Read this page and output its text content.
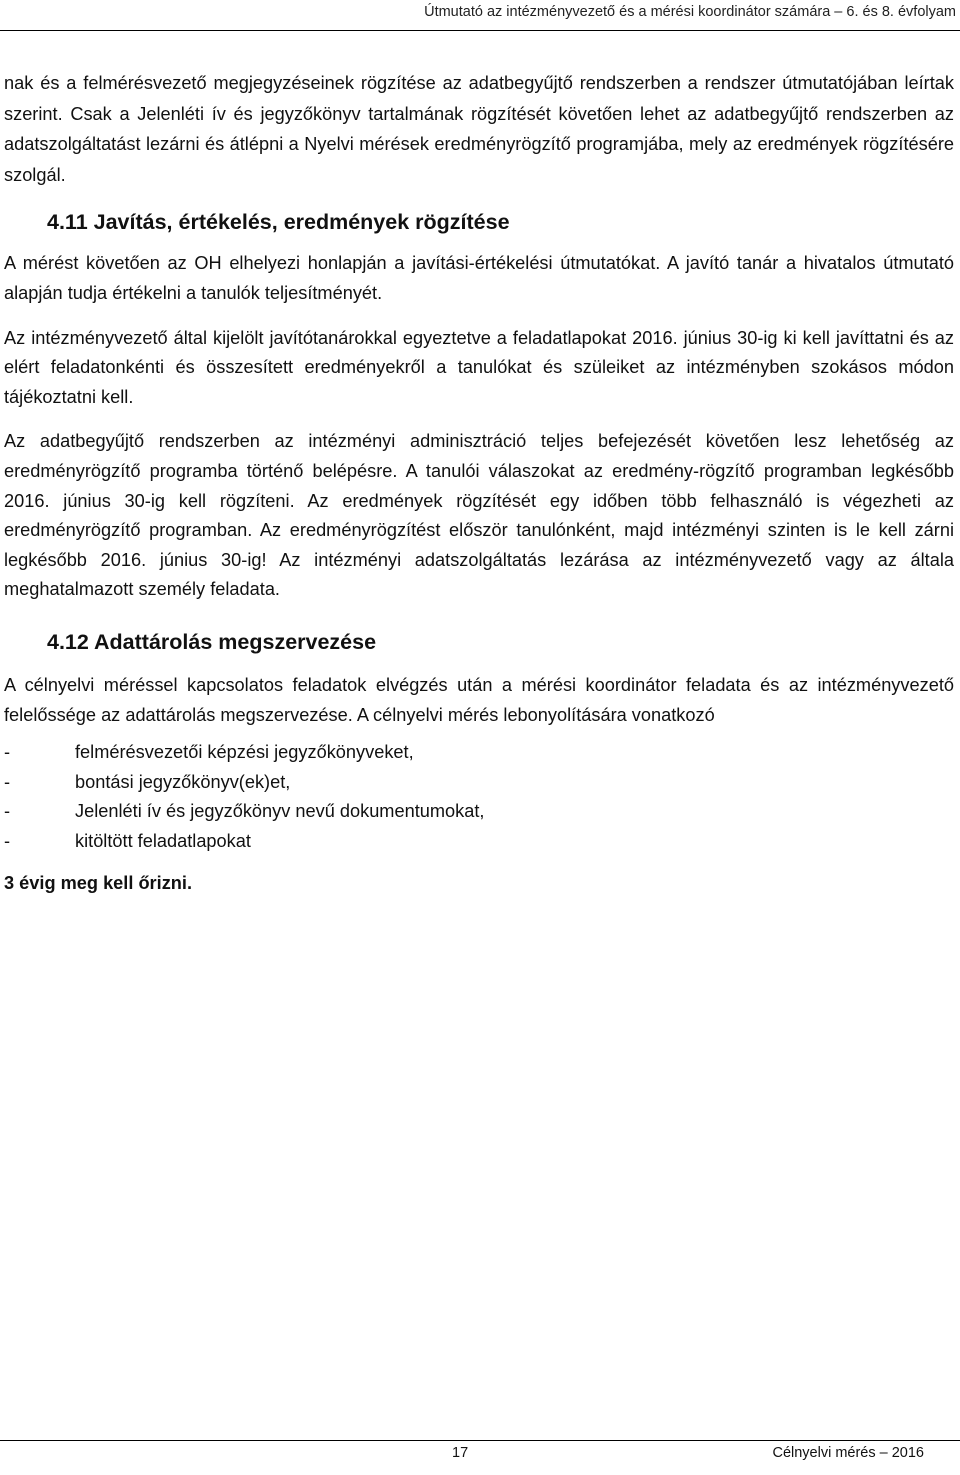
Útmutató az intézményvezető és a mérési koordinátor számára – 6. és 8. évfolyam

nak és a felmérésvezető megjegyzéseinek rögzítése az adatbegyűjtő rendszerben a rendszer útmutatójában leírtak szerint. Csak a Jelenléti ív és jegyzőkönyv tartalmának rögzítését követően lehet az adatbegyűjtő rendszerben az adatszolgáltatást lezárni és átlépni a Nyelvi mérések eredményrögzítő programjába, mely az eredmények rögzítésére szolgál.

4.11 Javítás, értékelés, eredmények rögzítése

A mérést követően az OH elhelyezi honlapján a javítási-értékelési útmutatókat. A javító tanár a hivatalos útmutató alapján tudja értékelni a tanulók teljesítményét.

Az intézményvezető által kijelölt javítótanárokkal egyeztetve a feladatlapokat 2016. június 30-ig ki kell javíttatni és az elért feladatonkénti és összesített eredményekről a tanulókat és szüleiket az intézményben szokásos módon tájékoztatni kell.

Az adatbegyűjtő rendszerben az intézményi adminisztráció teljes befejezését követően lesz lehetőség az eredményrögzítő programba történő belépésre. A tanulói válaszokat az eredmény-rögzítő programban legkésőbb 2016. június 30-ig kell rögzíteni. Az eredmények rögzítését egy időben több felhasználó is végezheti az eredményrögzítő programban. Az eredményrögzítést először tanulónként, majd intézményi szinten is le kell zárni legkésőbb 2016. június 30-ig! Az intézményi adatszolgáltatás lezárása az intézményvezető vagy az általa meghatalmazott személy feladata.

4.12 Adattárolás megszervezése

A célnyelvi méréssel kapcsolatos feladatok elvégzés után a mérési koordinátor feladata és az intézményvezető felelőssége az adattárolás megszervezése. A célnyelvi mérés lebonyolítására vonatkozó

-	felmérésvezetői képzési jegyzőkönyveket,
-	bontási jegyzőkönyv(ek)et,
-	Jelenléti ív és jegyzőkönyv nevű dokumentumokat,
-	kitöltött feladatlapokat
3 évig meg kell őrizni.
17	Célnyelvi mérés – 2016
